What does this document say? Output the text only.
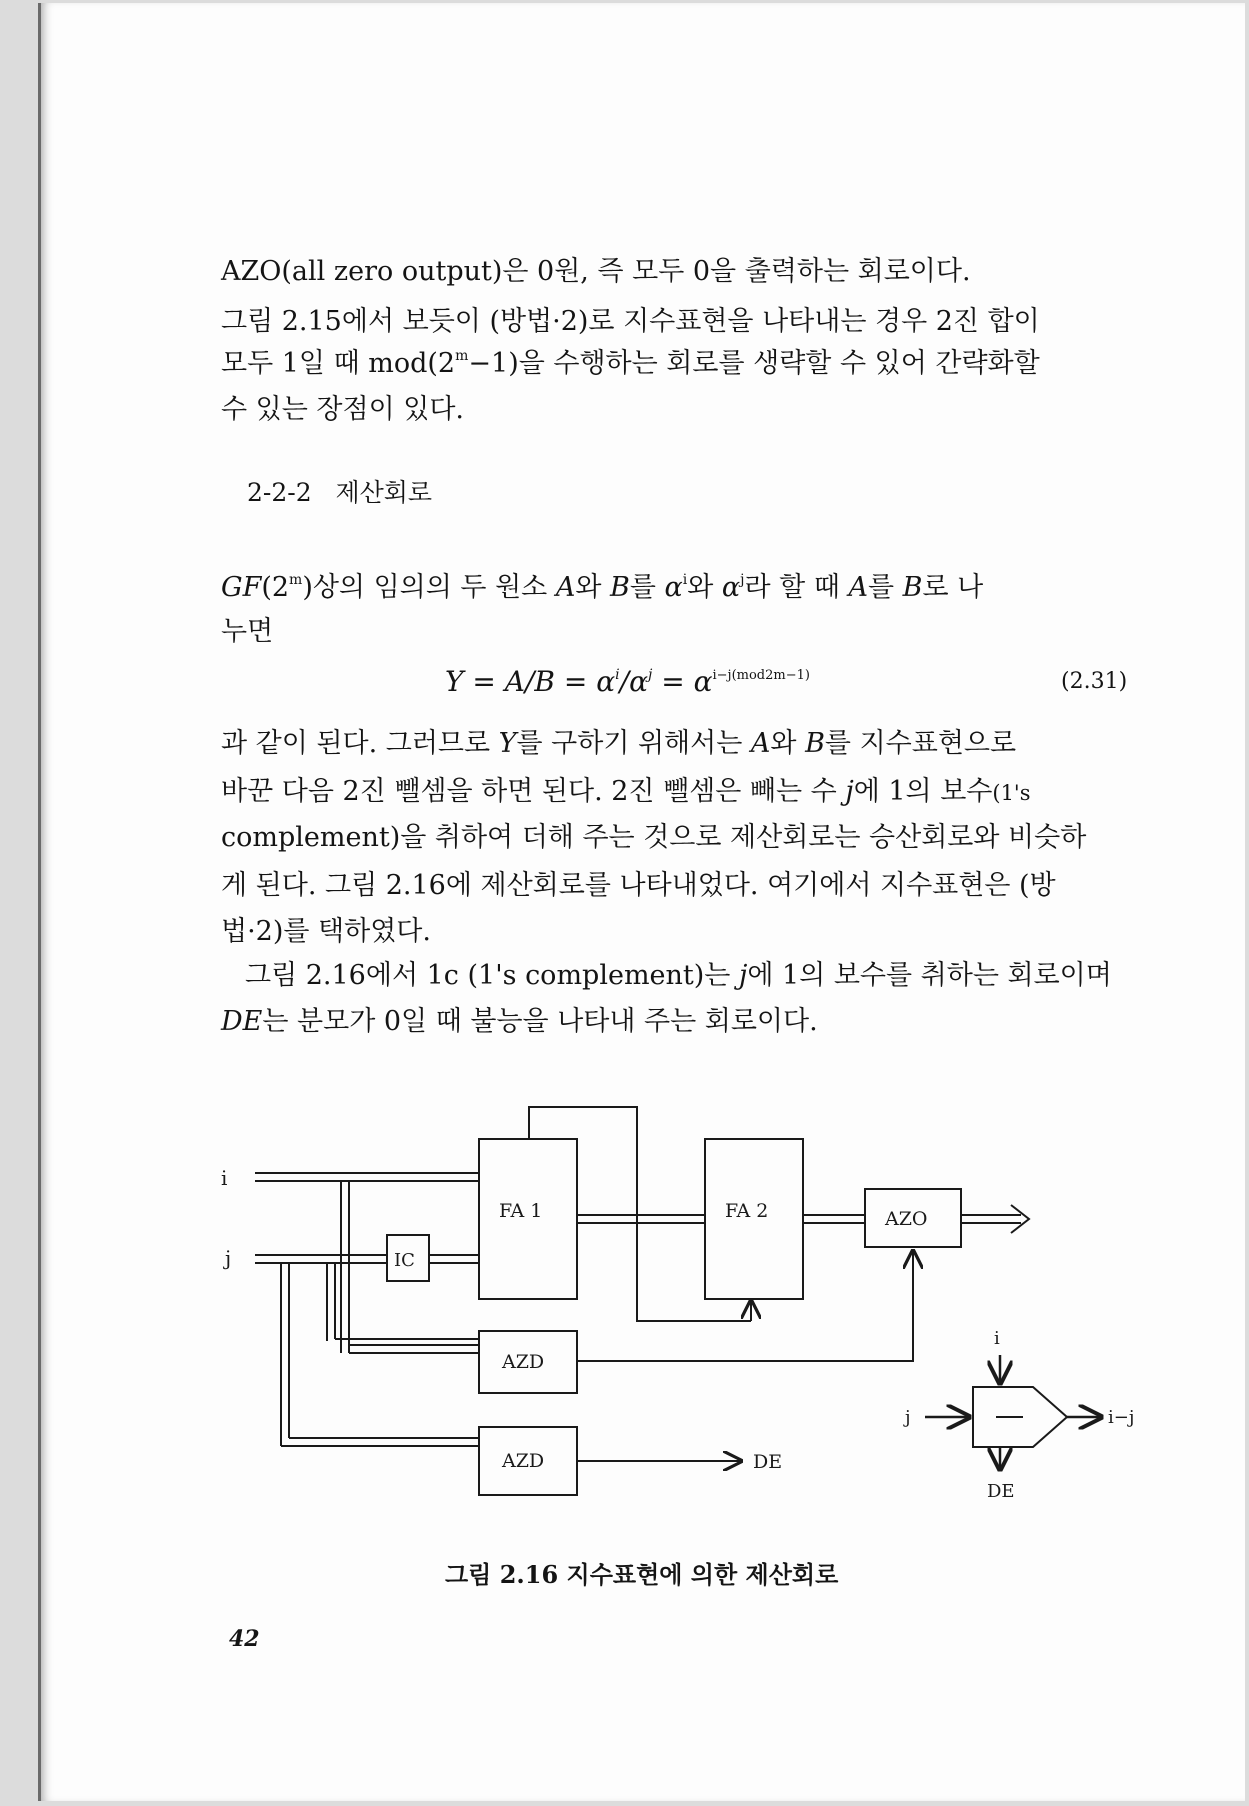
AZO(all zero output)은 0원, 즉 모두 0을 출력하는 회로이다.
그림 2.15에서 보듯이 (방법·2)로 지수표현을 나타내는 경우 2진 합이
모두 1일 때 $mod(2^m-1)$을 수행하는 회로를 생략할 수 있어 간략화할
수 있는 장점이 있다.
2-2-2 제산회로
GF(2$^m$)상의 임의의 두 원소 A와 B를 $\alpha^i$와 $\alpha^j$라 할 때 A를 B로 나
누면
$Y = A/B = \alpha^i/\alpha^j = \alpha^{i-j(mod2m-1)}$	(2.31)
과 같이 된다. 그러므로 Y를 구하기 위해서는 A와 B를 지수표현으로
바꾼 다음 2진 뺄셈을 하면 된다. 2진 뺄셈은 빼는 수 j에 1의 보수(1's
complement)을 취하여 더해 주는 것으로 제산회로는 승산회로와 비슷하
게 된다. 그림 2.16에 제산회로를 나타내었다. 여기에서 지수표현은 (방
법·2)를 택하였다.
그림 2.16에서 1c (1's complement)는 j에 1의 보수를 취하는 회로이며
DE는 분모가 0일 때 불능을 나타내 주는 회로이다.
i
j	IC
FA 1	FA 2	AZO
AZD
AZD	DE
—
i
j	i−j
DE
그림 2.16 지수표현에 의한 제산회로
42
